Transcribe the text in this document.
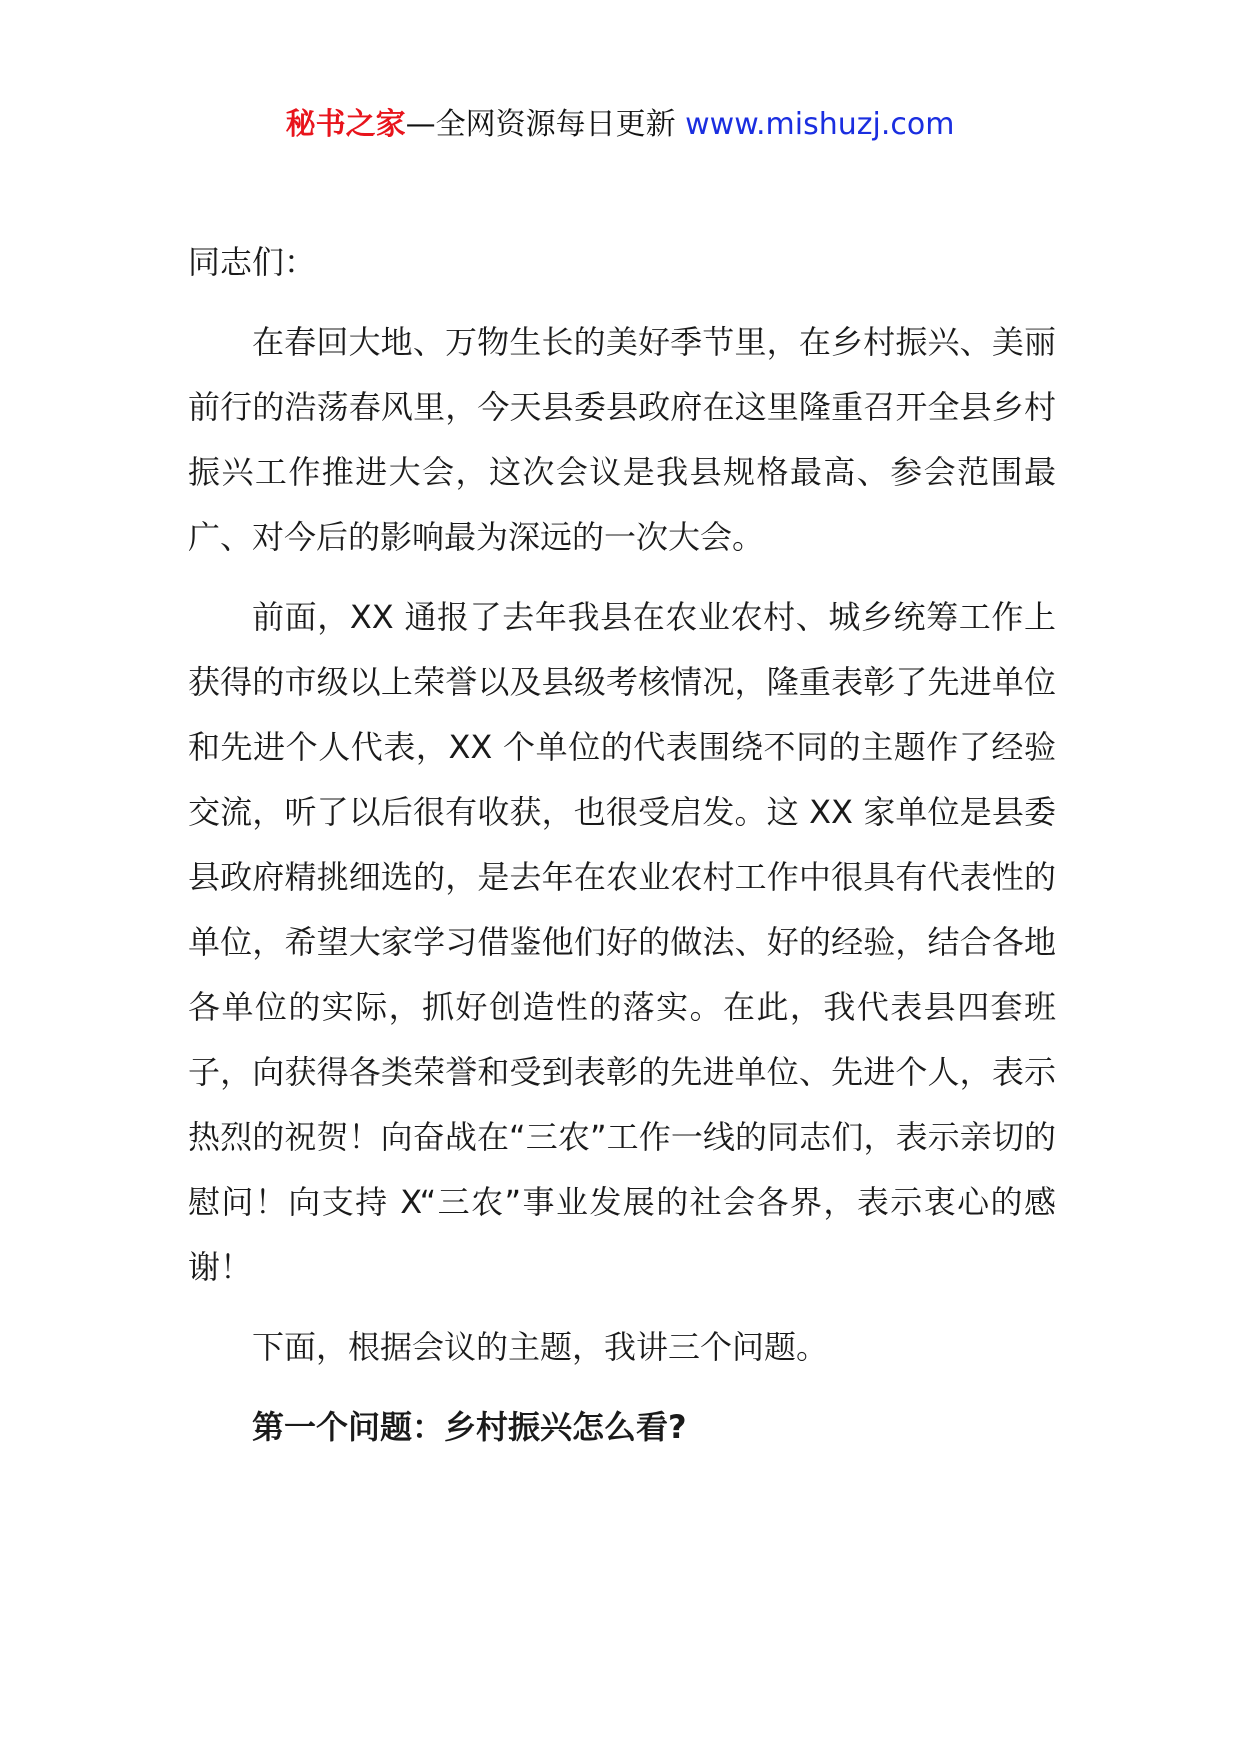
秘书之家—全网资源每日更新 www.mishuzj.com

同志们：

在春回大地、万物生长的美好季节里，在乡村振兴、美丽前行的浩荡春风里，今天县委县政府在这里隆重召开全县乡村振兴工作推进大会，这次会议是我县规格最高、参会范围最广、对今后的影响最为深远的一次大会。

前面，XX 通报了去年我县在农业农村、城乡统筹工作上获得的市级以上荣誉以及县级考核情况，隆重表彰了先进单位和先进个人代表，XX 个单位的代表围绕不同的主题作了经验交流，听了以后很有收获，也很受启发。这 XX 家单位是县委县政府精挑细选的，是去年在农业农村工作中很具有代表性的单位，希望大家学习借鉴他们好的做法、好的经验，结合各地各单位的实际，抓好创造性的落实。在此，我代表县四套班子，向获得各类荣誉和受到表彰的先进单位、先进个人，表示热烈的祝贺！向奋战在“三农”工作一线的同志们，表示亲切的慰问！向支持 X“三农”事业发展的社会各界，表示衷心的感谢！

下面，根据会议的主题，我讲三个问题。

第一个问题：乡村振兴怎么看?
